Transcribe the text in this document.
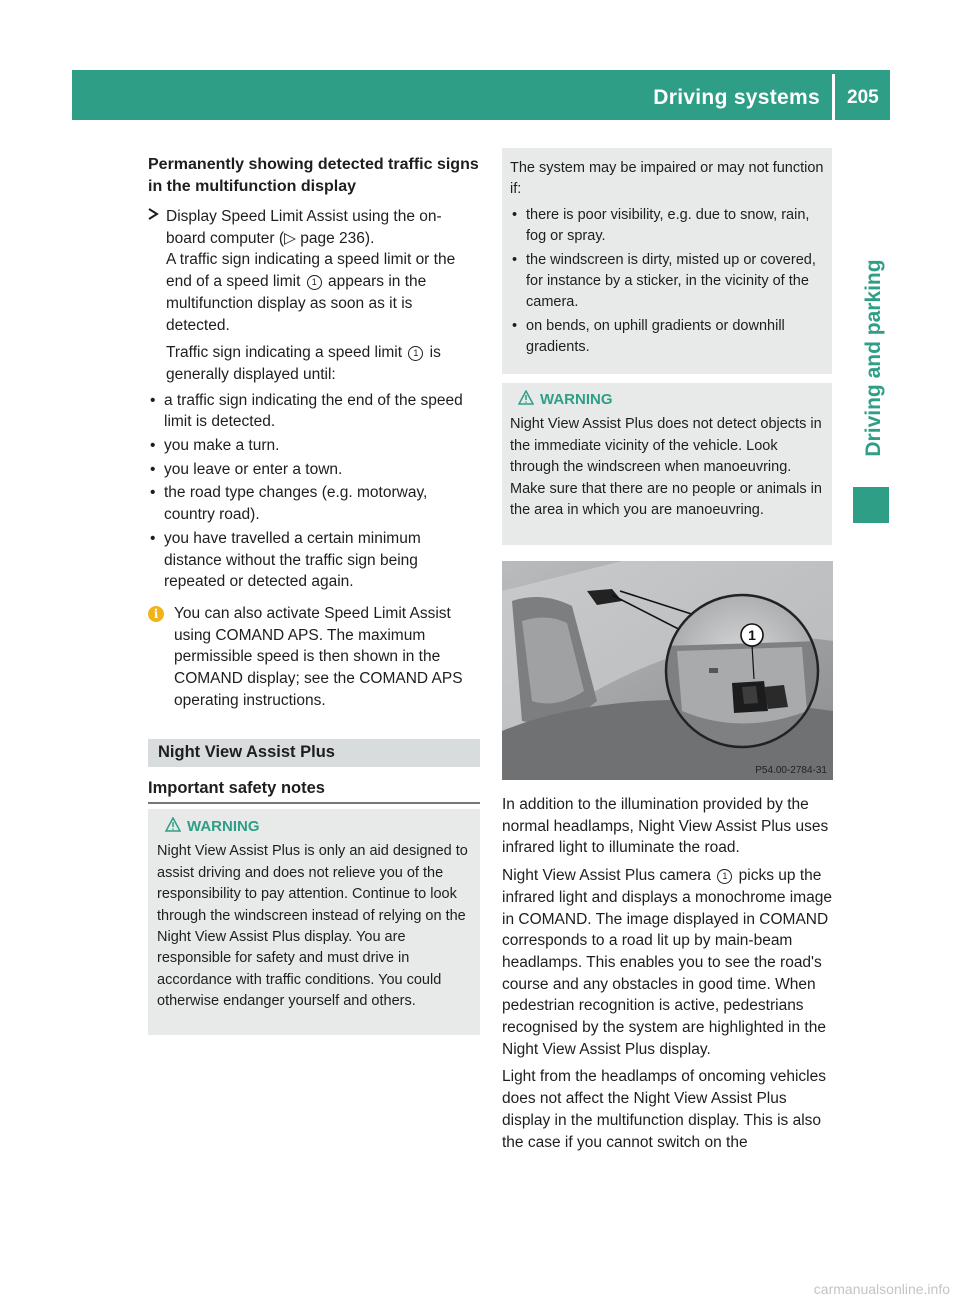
Driving systems 205
Driving and parking

Permanently showing detected traffic signs in the multifunction display

Display Speed Limit Assist using the on-board computer (▷ page 236).

A traffic sign indicating a speed limit or the end of a speed limit 1 appears in the multifunction display as soon as it is detected.

Traffic sign indicating a speed limit 1 is generally displayed until:

• a traffic sign indicating the end of the speed limit is detected.
• you make a turn.
• you leave or enter a town.
• the road type changes (e.g. motorway, country road).
• you have travelled a certain minimum distance without the traffic sign being repeated or detected again.
i	You can also activate Speed Limit Assist using COMAND APS. The maximum permissible speed is then shown in the COMAND display; see the COMAND APS operating instructions.
Night View Assist Plus
Important safety notes
WARNING

Night View Assist Plus is only an aid designed to assist driving and does not relieve you of the responsibility to pay attention. Continue to look through the windscreen instead of relying on the Night View Assist Plus display. You are responsible for safety and must drive in accordance with traffic conditions. You could otherwise endanger yourself and others.

The system may be impaired or may not function if:

• there is poor visibility, e.g. due to snow, rain, fog or spray.
• the windscreen is dirty, misted up or covered, for instance by a sticker, in the vicinity of the camera.
• on bends, on uphill gradients or downhill gradients.
WARNING

Night View Assist Plus does not detect objects in the immediate vicinity of the vehicle. Look through the windscreen when manoeuvring. Make sure that there are no people or animals in the area in which you are manoeuvring.

1
P54.00-2784-31

In addition to the illumination provided by the normal headlamps, Night View Assist Plus uses infrared light to illuminate the road.

Night View Assist Plus camera 1 picks up the infrared light and displays a monochrome image in COMAND. The image displayed in COMAND corresponds to a road lit up by main-beam headlamps. This enables you to see the road's course and any obstacles in good time. When pedestrian recognition is active, pedestrians recognised by the system are highlighted in the Night View Assist Plus display.

Light from the headlamps of oncoming vehicles does not affect the Night View Assist Plus display in the multifunction display. This is also the case if you cannot switch on the

carmanualsonline.info
